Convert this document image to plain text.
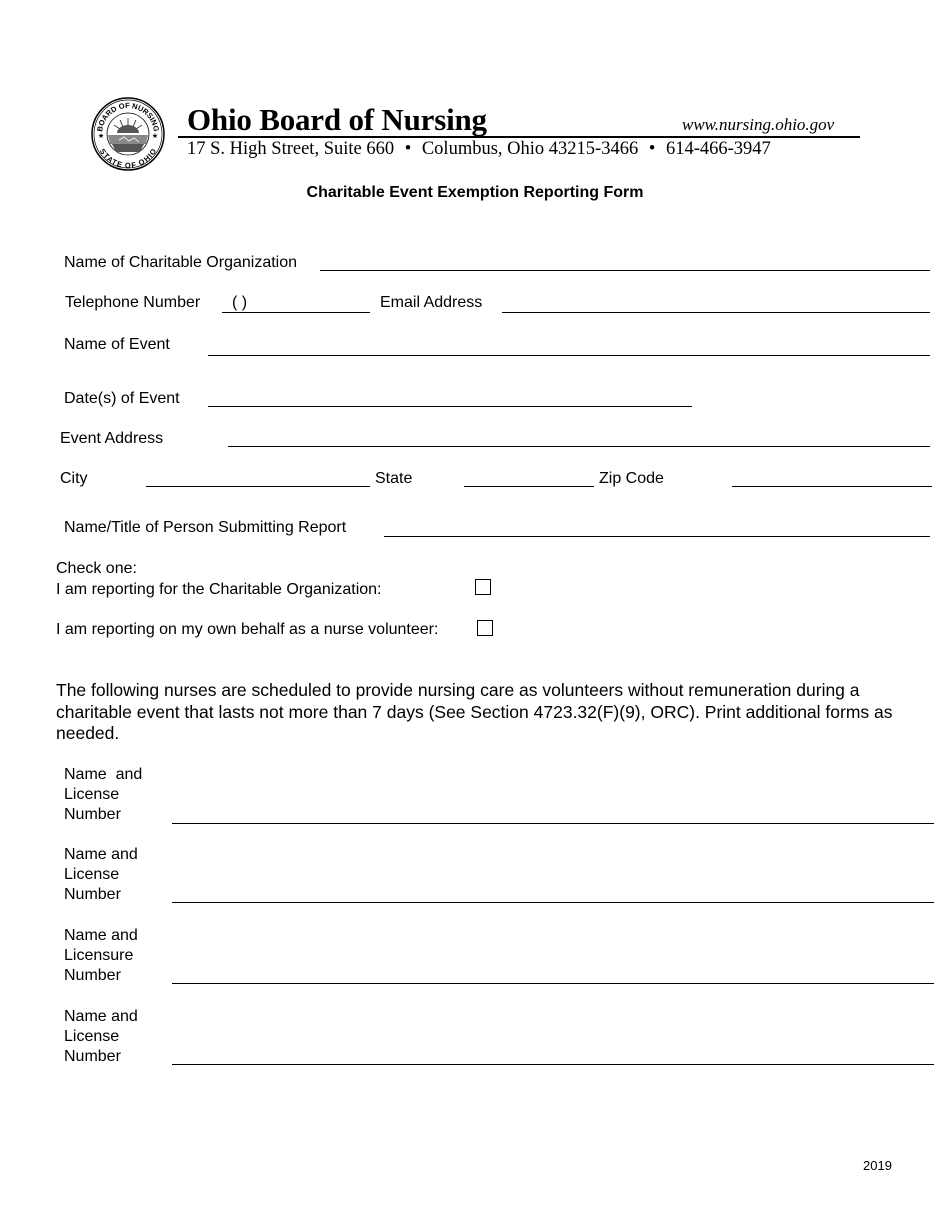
BOARD OF NURSING
STATE OF OHIO
★	★ Ohio Board of Nursing	www.nursing.ohio.gov
17 S. High Street, Suite 660 • Columbus, Ohio 43215-3466 • 614-466-3947
Charitable Event Exemption Reporting Form
Name of Charitable Organization
Telephone Number ( )	Email Address
Name of Event
Date(s) of Event
Event Address
City	State	Zip Code
Name/Title of Person Submitting Report
Check one:
I am reporting for the Charitable Organization:
I am reporting on my own behalf as a nurse volunteer:
The following nurses are scheduled to provide nursing care as volunteers without remuneration during a charitable event that lasts not more than 7 days (See Section 4723.32(F)(9), ORC). Print additional forms as needed.
Name  and
License
Number
Name and
License
Number
Name and
Licensure
Number
Name and
License
Number
2019
